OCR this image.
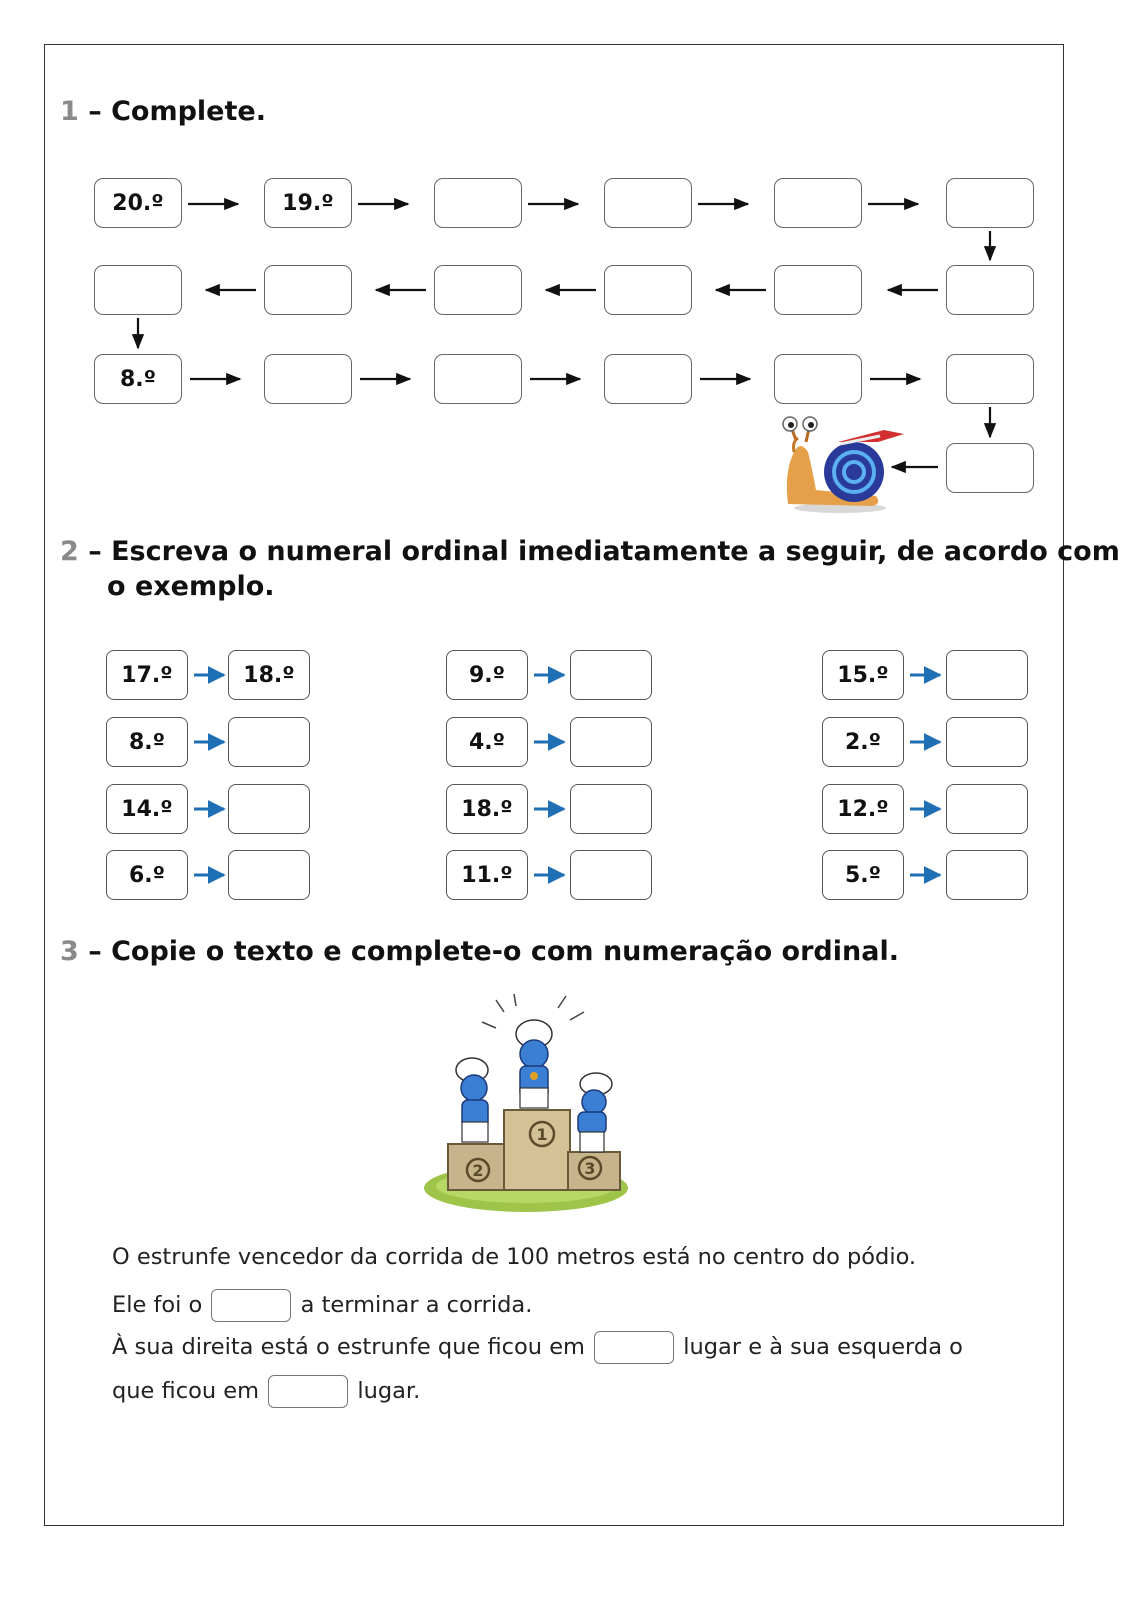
1 – Complete.
20.º	19.º
8.º
2 – Escreva o numeral ordinal imediatamente a seguir, de acordo com
o exemplo.
17.º	18.º
8.º
14.º
6.º
9.º
4.º
18.º
11.º
15.º
2.º
12.º
5.º
3 – Copie o texto e complete-o com numeração ordinal.
2
1
3
O estrunfe vencedor da corrida de 100 metros está no centro do pódio.
Ele foi o	a terminar a corrida.
À sua direita está o estrunfe que ficou em	lugar e à sua esquerda o
que ficou em	lugar.
